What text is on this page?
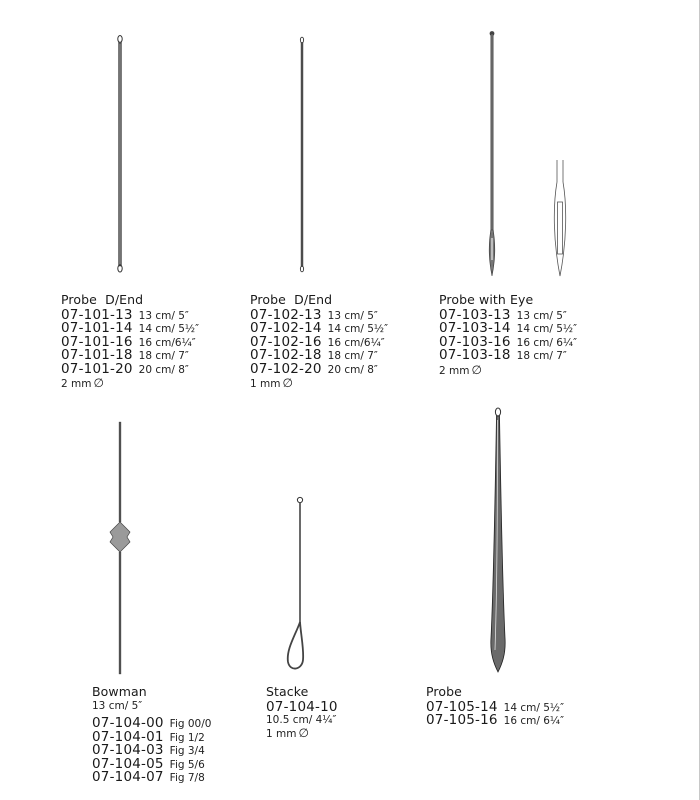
Probe  D/End
07-101-13 13 cm/ 5″
07-101-14 14 cm/ 5½″
07-101-16 16 cm/6¼″
07-101-18 18 cm/ 7″
07-101-20 20 cm/ 8″
2 mm ∅
Probe  D/End
07-102-13 13 cm/ 5″
07-102-14 14 cm/ 5½″
07-102-16 16 cm/6¼″
07-102-18 18 cm/ 7″
07-102-20 20 cm/ 8″
1 mm ∅
Probe with Eye
07-103-13 13 cm/ 5″
07-103-14 14 cm/ 5½″
07-103-16 16 cm/ 6¼″
07-103-18 18 cm/ 7″
2 mm ∅
Bowman
13 cm/ 5″
07-104-00 Fig 00/0
07-104-01 Fig 1/2
07-104-03 Fig 3/4
07-104-05 Fig 5/6
07-104-07 Fig 7/8
Stacke
07-104-10
10.5 cm/ 4¼″
1 mm ∅
Probe
07-105-14 14 cm/ 5½″
07-105-16 16 cm/ 6¼″
